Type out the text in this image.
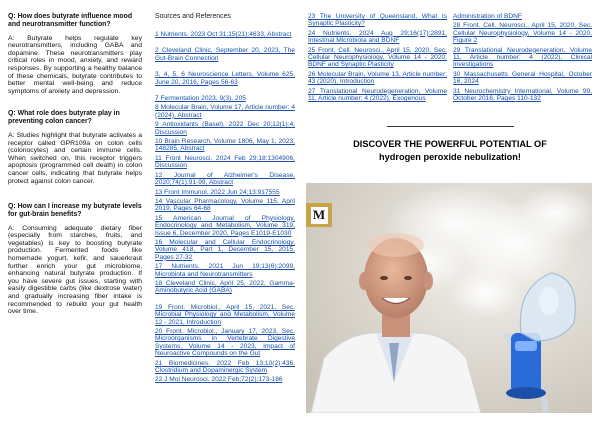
Q: How does butyrate influence mood and neurotransmitter function?
A: Butyrate helps regulate key neurotransmitters, including GABA and dopamine. These neurotransmitters play critical roles in mood, anxiety, and reward responses. By supporting a healthy balance of these chemicals, butyrate contributes to better mental well-being and reduce symptoms of anxiety and depression.
Q: What role does butyrate play in preventing colon cancer?
A: Studies highlight that butyrate activates a receptor called GPR109a on colon cells (colonocytes) and certain immune cells. When switched on, this receptor triggers apoptosis (programmed cell death) in colon cancer cells, indicating that butyrate helps protect against colon cancer.
Q: How can I increase my butyrate levels for gut-brain benefits?
A: Consuming adequate dietary fiber (especially from starches, fruits, and vegetables) is key to boosting butyrate production. Fermented foods like homemade yogurt, kefir, and sauerkraut further enrich your gut microbiome, enhancing natural butyrate production. If you have severe gut issues, starting with easily digestible carbs (like dextrose water) and gradually increasing fiber intake is recommended to rebuild your gut health over time.
Sources and References
1 Nutrients. 2023 Oct 31;15(21):4633, Abstract
2 Cleveland Clinic, September 20, 2023, The Gut-Brain Connection
3, 4, 5, 6 Neuroscience Letters, Volume 625, June 20, 2016, Pages 56-63
7 Fermentation 2023, 9(3), 205
8 Molecular Brain, Volume 17, Article number: 4 (2024), Abstract
9 Antioxidants (Basel). 2022 Dec 20;12(1):4, Discussion
10 Brain Research, Volume 1806, May 1, 2023, 148285, Abstract
11 Front Neurosci. 2024 Feb 29;18:1304906, Discussion
12 Journal of Alzheimer's Disease. 2020;74(1):91-99, Abstract
13 Front Immunol. 2022 Jun 24;13:917555
14 Vascular Pharmacology, Volume 115, April 2019, Pages 64-68
15 American Journal of Physiology. Endocrinology and Metabolism, Volume 319, Issue 6, December 2020, Pages E1019-E1030
16 Molecular and Cellular Endocrinology, Volume 418, Part 1, December 15, 2015, Pages 27-32
17 Nutrients. 2021 Jun 19;13(6):2099, Microbiota and Neurotransmitters
18 Cleveland Clinic, April 25, 2022, Gamma-Aminobutyric Acid (GABA)
19 Front. Microbiol., April 15, 2021, Sec. Microbial Physiology and Metabolism, Volume 12 - 2021, Introduction
20 Front. Microbiol., January 17, 2023, Sec. Microorganisms in Vertebrate Digestive Systems, Volume 14 - 2023, Impact of Neuroactive Compounds on the Gut
21 Biomedicines. 2022 Feb 13;10(2):436, Clostridium and Dopaminergic System
22 J Mol Neurosci. 2022 Feb;72(2):173-186
23 The University of Queensland, What Is Synaptic Plasticity?
24 Nutrients. 2024 Aug 29;16(17):2891, Intestinal Microbiota and BDNF
25 Front. Cell. Neurosci., April 15, 2020, Sec. Cellular Neurophysiology, Volume 14 - 2020, BDNF and Synaptic Plasticity
26 Molecular Brain, Volume 13, Article number: 43 (2020), Introduction
27 Translational Neurodegeneration, Volume 11, Article number: 4 (2022), Exogenous
Administration of BDNF
28 Front. Cell. Neurosci., April 15, 2020, Sec. Cellular Neurophysiology, Volume 14 - 2020, Figure 2
29 Translational Neurodegeneration, Volume 11, Article number: 4 (2022), Clinical Investigations
30 Massachusetts General Hospital, October 16, 2024
31 Neurochemistry International, Volume 99, October 2016, Pages 110-132
DISCOVER THE POWERFUL POTENTIAL OF
hydrogen peroxide nebulization!
M
